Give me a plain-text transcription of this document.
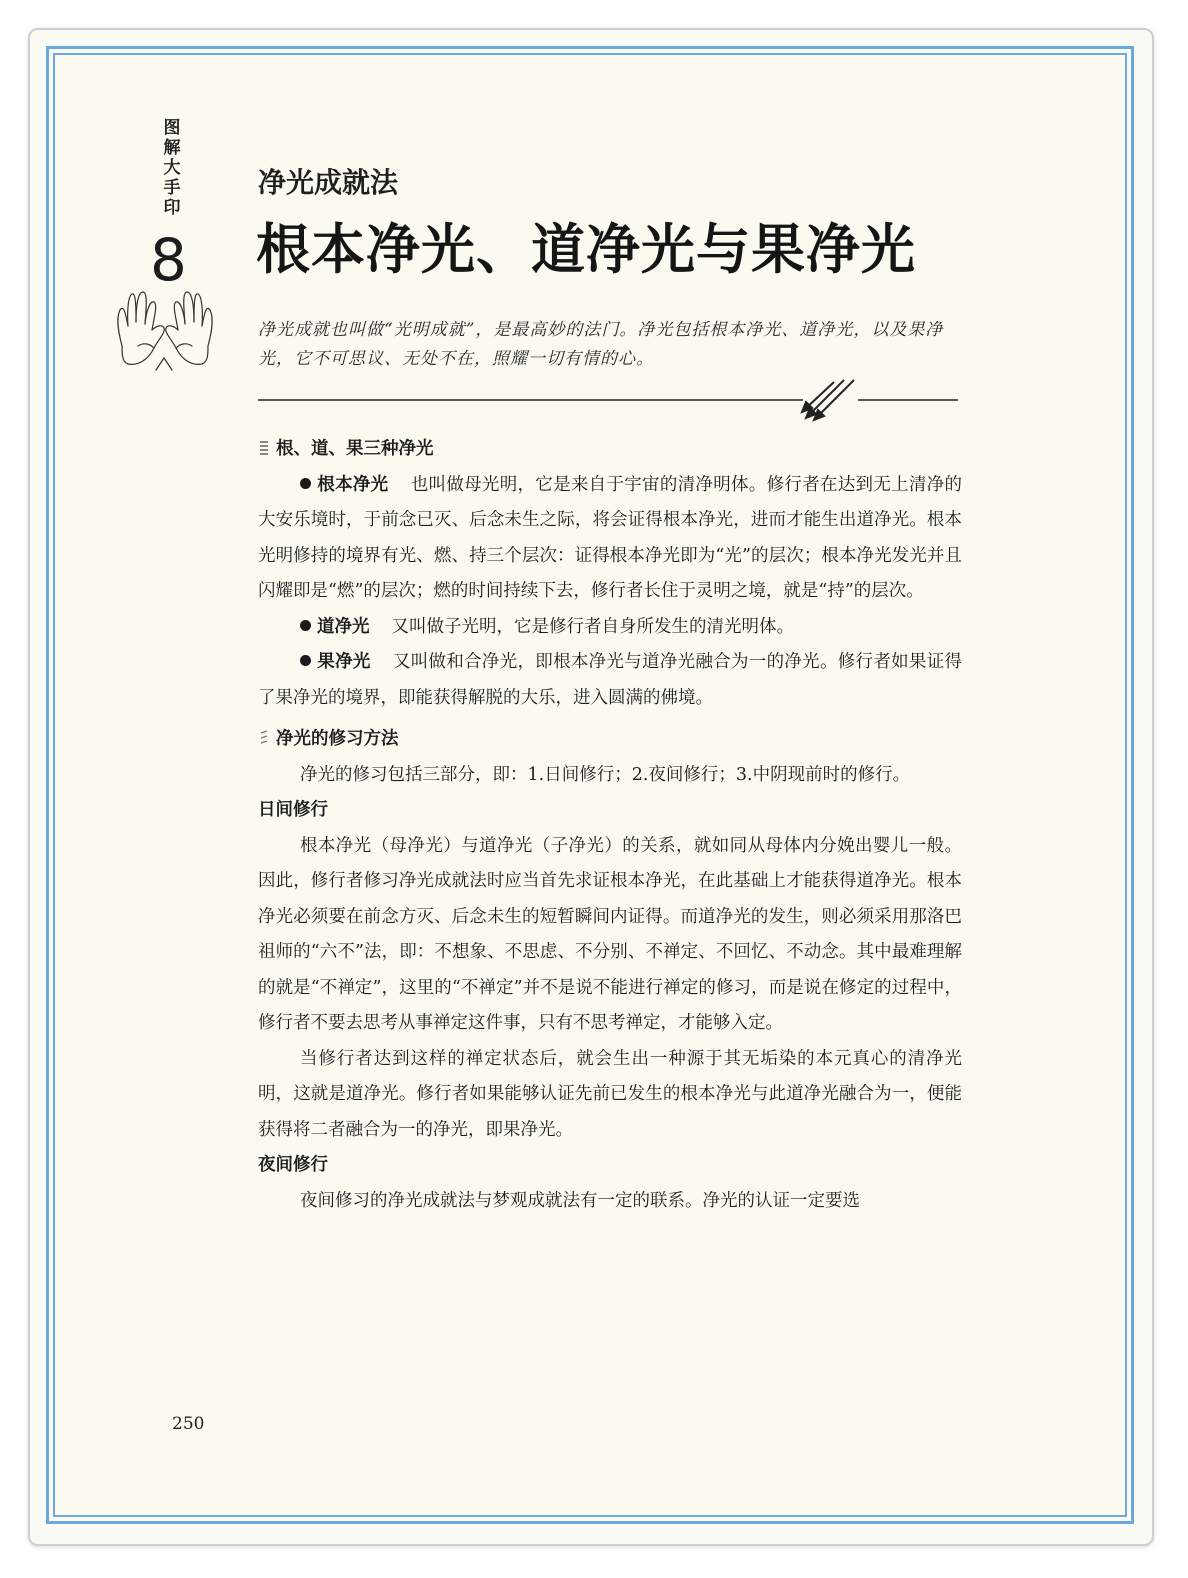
图解大手印
8
净光成就法
根本净光、道净光与果净光
净光成就也叫做“光明成就”，是最高妙的法门。净光包括根本净光、道净光，以及果净光，它不可思议、无处不在，照耀一切有情的心。

根、道、果三种净光

根本净光 也叫做母光明，它是来自于宇宙的清净明体。修行者在达到无上清净的大安乐境时，于前念已灭、后念未生之际，将会证得根本净光，进而才能生出道净光。根本光明修持的境界有光、燃、持三个层次：证得根本净光即为“光”的层次；根本净光发光并且闪耀即是“燃”的层次；燃的时间持续下去，修行者长住于灵明之境，就是“持”的层次。

道净光 又叫做子光明，它是修行者自身所发生的清光明体。

果净光 又叫做和合净光，即根本净光与道净光融合为一的净光。修行者如果证得了果净光的境界，即能获得解脱的大乐，进入圆满的佛境。

净光的修习方法

净光的修习包括三部分，即：1.日间修行；2.夜间修行；3.中阴现前时的修行。

日间修行

根本净光（母净光）与道净光（子净光）的关系，就如同从母体内分娩出婴儿一般。因此，修行者修习净光成就法时应当首先求证根本净光，在此基础上才能获得道净光。根本净光必须要在前念方灭、后念未生的短暂瞬间内证得。而道净光的发生，则必须采用那洛巴祖师的“六不”法，即：不想象、不思虑、不分别、不禅定、不回忆、不动念。其中最难理解的就是“不禅定”，这里的“不禅定”并不是说不能进行禅定的修习，而是说在修定的过程中，修行者不要去思考从事禅定这件事，只有不思考禅定，才能够入定。

当修行者达到这样的禅定状态后，就会生出一种源于其无垢染的本元真心的清净光明，这就是道净光。修行者如果能够认证先前已发生的根本净光与此道净光融合为一，便能获得将二者融合为一的净光，即果净光。

夜间修行

夜间修习的净光成就法与梦观成就法有一定的联系。净光的认证一定要选

250
